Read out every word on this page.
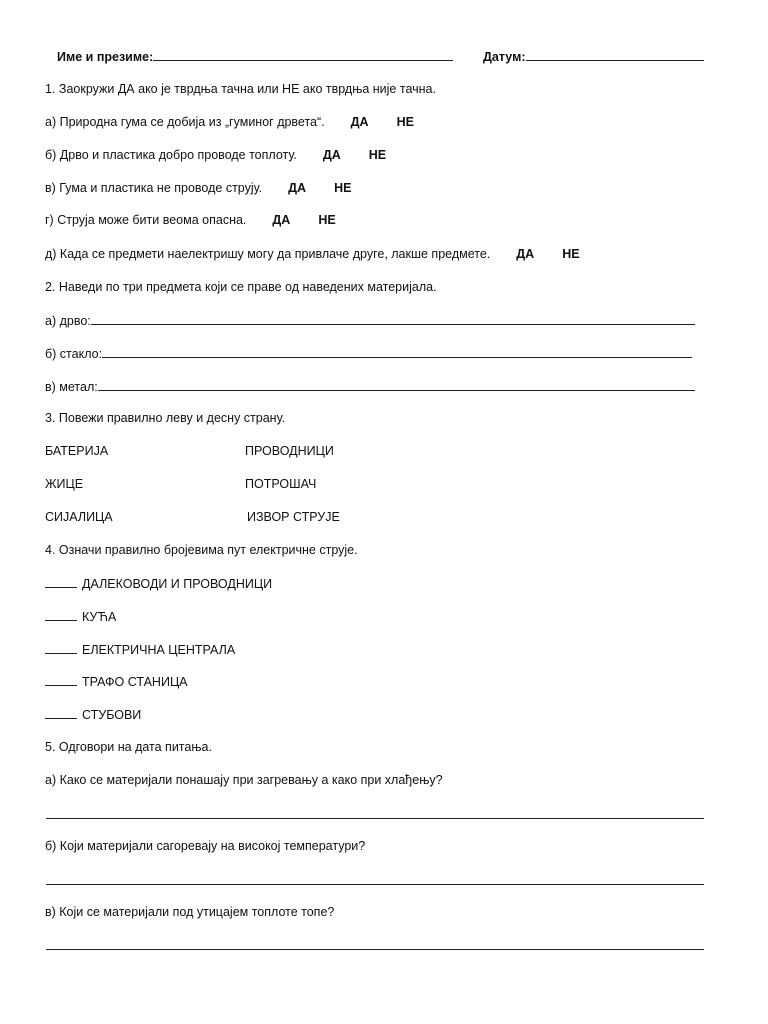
Име и презиме:	Датум:
1. Заокружи ДА ако је тврдња тачна или НЕ ако тврдња није тачна.
а) Природна гума се добија из „гуминог дрвета“. ДА НЕ
б) Дрво и пластика добро проводе топлоту. ДА НЕ
в) Гума и пластика не проводе струју. ДА НЕ
г) Струја може бити веома опасна. ДА НЕ
д) Када се предмети наелектришу могу да привлаче друге, лакше предмете. ДА НЕ
2. Наведи по три предмета који се праве од наведених материјала.
а) дрво:
б) стакло:
в) метал:
3. Повежи правилно леву и десну страну.
БАТЕРИЈА	ПРОВОДНИЦИ
ЖИЦЕ	ПОТРОШАЧ
СИЈАЛИЦА	ИЗВОР СТРУЈЕ
4. Означи правилно бројевима пут електричне струје.
ДАЛЕКОВОДИ И ПРОВОДНИЦИ
КУЋА
ЕЛЕКТРИЧНА ЦЕНТРАЛА
ТРАФО СТАНИЦА
СТУБОВИ
5. Одговори на дата питања.
а) Како се материјали понашају при загревању а како при хлађењу?
б) Који материјали сагоревају на високој температури?
в) Који се материјали под утицајем топлоте топе?
